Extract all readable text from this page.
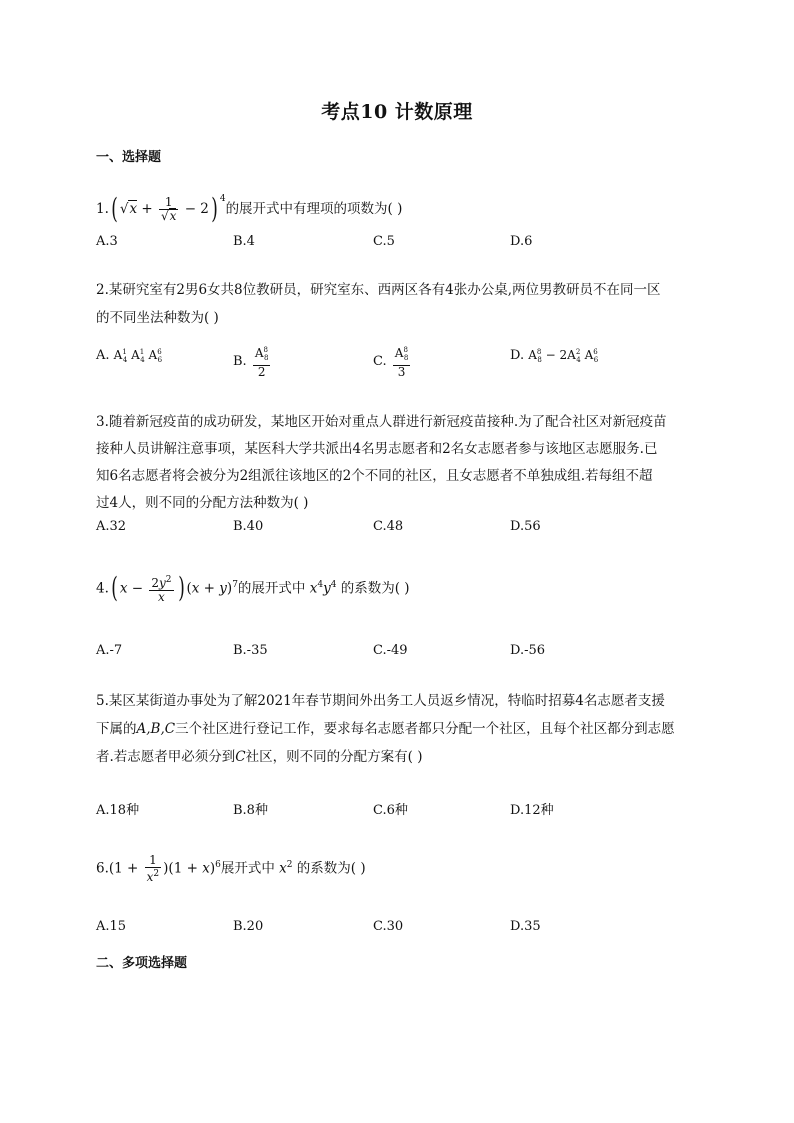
考点10 计数原理
一、选择题
1.( $√x + \frac{1}{√x} - 2$) $^4$的展开式中有理项的项数为( )
A.3	B.4	C.5	D.6
2.某研究室有2男6女共8位教研员，研究室东、西两区各有4张办公桌,两位男教研员不在同一区
的不同坐法种数为( )
A. $A^1_4$ $A^1_4$ $A^6_6$	B. $\frac{A^8_8}{2}$	C. $\frac{A^8_8}{3}$	D. $A^8_8 - 2A^2_4$ $A^6_6$
3.随着新冠疫苗的成功研发，某地区开始对重点人群进行新冠疫苗接种.为了配合社区对新冠疫苗
接种人员讲解注意事项，某医科大学共派出4名男志愿者和2名女志愿者参与该地区志愿服务.已
知6名志愿者将会被分为2组派往该地区的2个不同的社区，且女志愿者不单独成组.若每组不超
过4人，则不同的分配方法种数为( )
A.32	B.40	C.48	D.56
4.( $x - \frac{2y^2}{x}$ ) $(x + y)^7$的展开式中 $x^4y^4$ 的系数为( )
A.-7	B.-35	C.-49	D.-56
5.某区某街道办事处为了解2021年春节期间外出务工人员返乡情况，特临时招募4名志愿者支援
下属的A,B,C三个社区进行登记工作，要求每名志愿者都只分配一个社区，且每个社区都分到志愿
者.若志愿者甲必须分到C社区，则不同的分配方案有( )
A.18种	B.8种	C.6种	D.12种
$6.(1 + \frac{1}{x^2} )(1 + x)^6$展开式中 $x^2$ 的系数为( )
A.15	B.20	C.30	D.35
二、多项选择题
